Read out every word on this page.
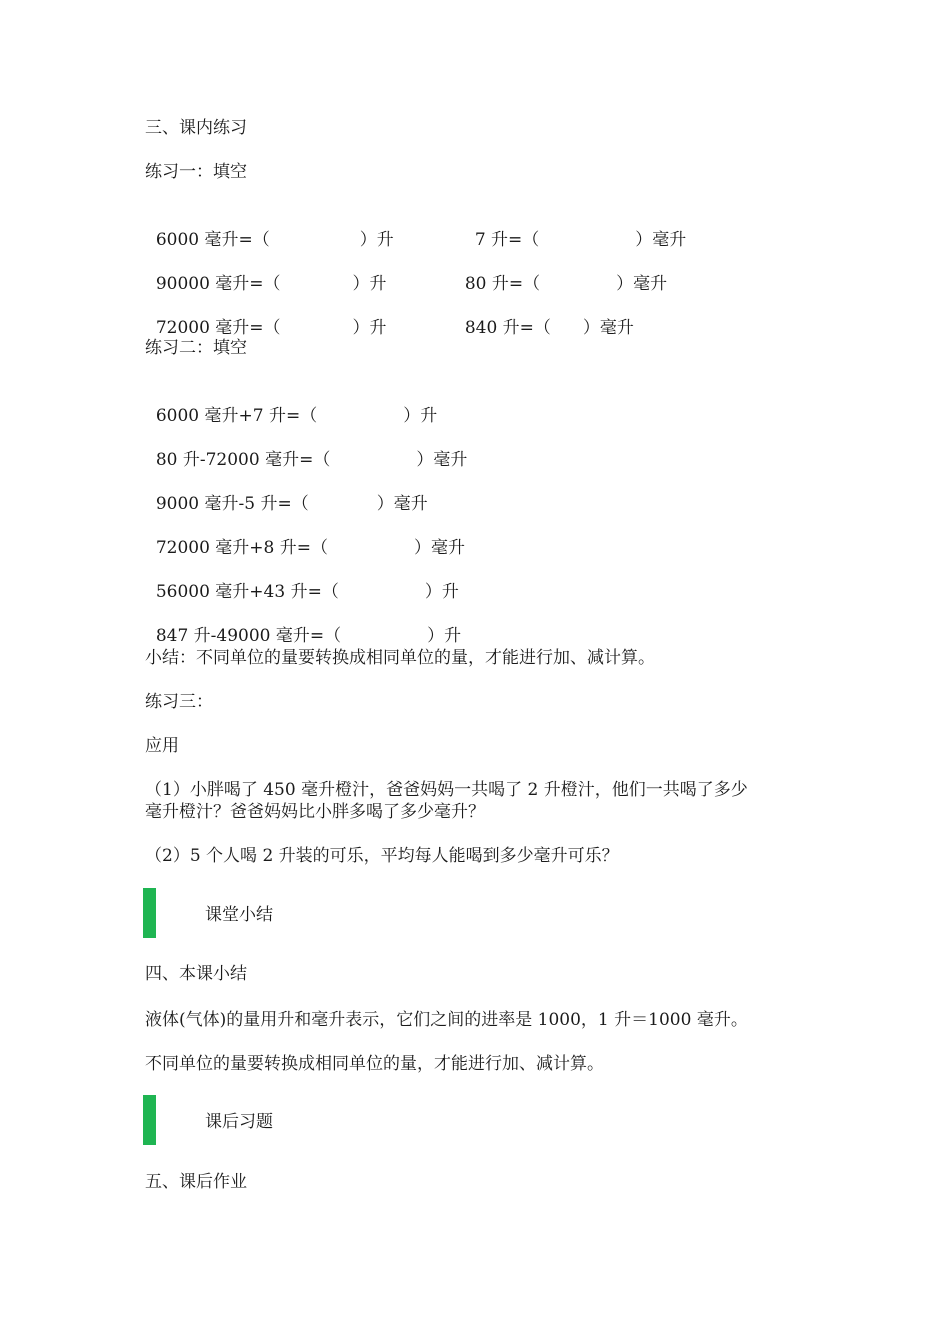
三、课内练习
练习一：填空

6000 毫升=（	）升	7 升=（	）毫升

90000 毫升=（	）升	80 升=（	）毫升

72000 毫升=（	）升	840 升=（ ）毫升

练习二：填空

6000 毫升+7 升=（	）升

80 升-72000 毫升=（	）毫升

9000 毫升-5 升=（	）毫升

72000 毫升+8 升=（	）毫升

56000 毫升+43 升=（	）升

847 升-49000 毫升=（	）升

小结：不同单位的量要转换成相同单位的量，才能进行加、减计算。
练习三：
应用
（1）小胖喝了 450 毫升橙汁，爸爸妈妈一共喝了 2 升橙汁，他们一共喝了多少
毫升橙汁？爸爸妈妈比小胖多喝了多少毫升？
（2）5 个人喝 2 升装的可乐，平均每人能喝到多少毫升可乐？
课堂小结
四、本课小结
液体(气体)的量用升和毫升表示，它们之间的进率是 1000，1 升＝1000 毫升。
不同单位的量要转换成相同单位的量，才能进行加、减计算。
课后习题
五、课后作业
